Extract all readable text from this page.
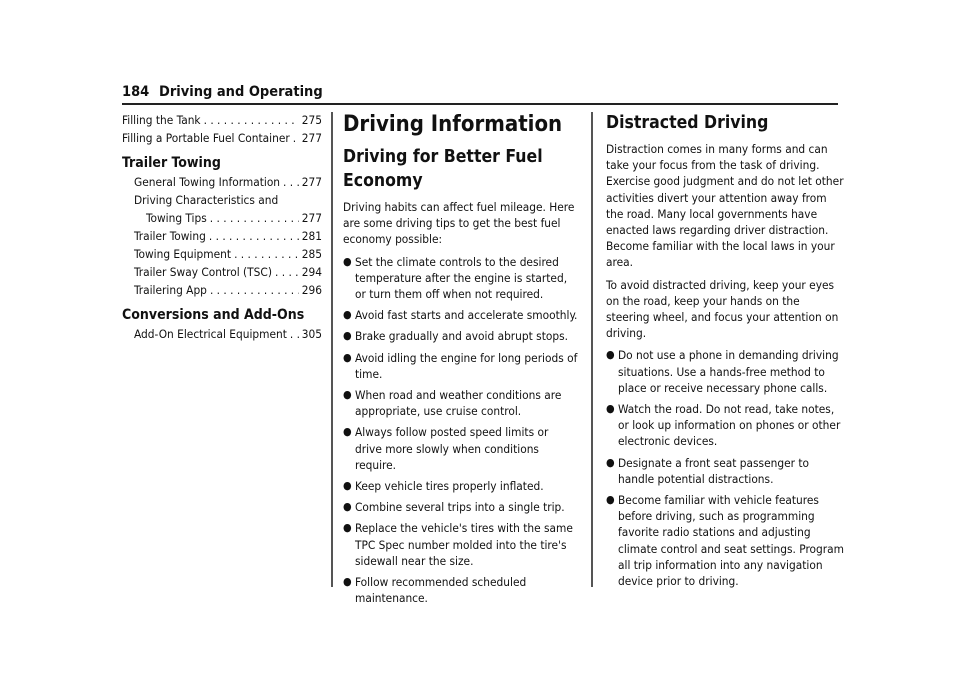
184 Driving and Operating
Filling the Tank . . .	275
Filling a Portable Fuel Container . . . 277
Trailer Towing
General Towing Information . . . 277
Driving Characteristics and
Towing Tips . . .	277
Trailer Towing . . .	281
Towing Equipment . . .	285
Trailer Sway Control (TSC) . . .	294
Trailering App . . .	296
Conversions and Add-Ons
Add-On Electrical Equipment . . . 305
Driving Information
Driving for Better Fuel Economy

Driving habits can affect fuel mileage. Here are some driving tips to get the best fuel economy possible:

● Set the climate controls to the desired temperature after the engine is started, or turn them off when not required.
● Avoid fast starts and accelerate smoothly.
● Brake gradually and avoid abrupt stops.
● Avoid idling the engine for long periods of time.
● When road and weather conditions are appropriate, use cruise control.
● Always follow posted speed limits or drive more slowly when conditions require.
● Keep vehicle tires properly inflated.
● Combine several trips into a single trip.
● Replace the vehicle's tires with the same TPC Spec number molded into the tire's sidewall near the size.
● Follow recommended scheduled maintenance.
Distracted Driving

Distraction comes in many forms and can take your focus from the task of driving. Exercise good judgment and do not let other activities divert your attention away from the road. Many local governments have enacted laws regarding driver distraction. Become familiar with the local laws in your area.

To avoid distracted driving, keep your eyes on the road, keep your hands on the steering wheel, and focus your attention on driving.

● Do not use a phone in demanding driving situations. Use a hands-free method to place or receive necessary phone calls.
● Watch the road. Do not read, take notes, or look up information on phones or other electronic devices.
● Designate a front seat passenger to handle potential distractions.
● Become familiar with vehicle features before driving, such as programming favorite radio stations and adjusting climate control and seat settings. Program all trip information into any navigation device prior to driving.
